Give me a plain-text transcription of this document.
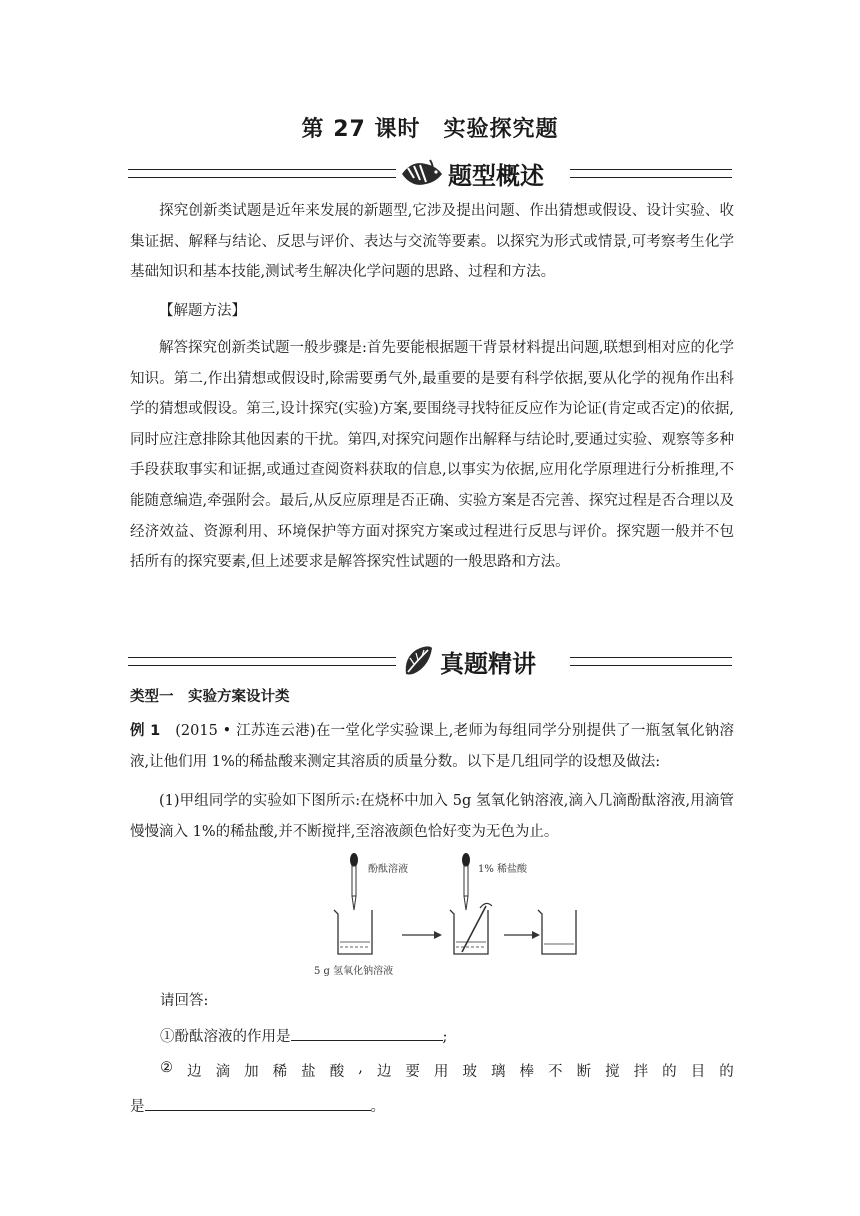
第 27 课时　实验探究题
题型概述

探究创新类试题是近年来发展的新题型,它涉及提出问题、作出猜想或假设、设计实验、收集证据、解释与结论、反思与评价、表达与交流等要素。以探究为形式或情景,可考察考生化学基础知识和基本技能,测试考生解决化学问题的思路、过程和方法。

【解题方法】

解答探究创新类试题一般步骤是:首先要能根据题干背景材料提出问题,联想到相对应的化学知识。第二,作出猜想或假设时,除需要勇气外,最重要的是要有科学依据,要从化学的视角作出科学的猜想或假设。第三,设计探究(实验)方案,要围绕寻找特征反应作为论证(肯定或否定)的依据,同时应注意排除其他因素的干扰。第四,对探究问题作出解释与结论时,要通过实验、观察等多种手段获取事实和证据,或通过查阅资料获取的信息,以事实为依据,应用化学原理进行分析推理,不能随意编造,牵强附会。最后,从反应原理是否正确、实验方案是否完善、探究过程是否合理以及经济效益、资源利用、环境保护等方面对探究方案或过程进行反思与评价。探究题一般并不包括所有的探究要素,但上述要求是解答探究性试题的一般思路和方法。

真题精讲

类型一　实验方案设计类

例 1　 (2015 • 江苏连云港)在一堂化学实验课上,老师为每组同学分别提供了一瓶氢氧化钠溶液,让他们用 1%的稀盐酸来测定其溶质的质量分数。以下是几组同学的设想及做法:

(1)甲组同学的实验如下图所示:在烧杯中加入 5g 氢氧化钠溶液,滴入几滴酚酞溶液,用滴管慢慢滴入 1%的稀盐酸,并不断搅拌,至溶液颜色恰好变为无色为止。

酚酞溶液
5 g 氢氧化钠溶液
1% 稀盐酸

请回答:

①酚酞溶液的作用是	;

② 边 滴 加 稀 盐 酸 , 边 要 用 玻 璃 棒 不 断 搅 拌 的 目 的

是	。
